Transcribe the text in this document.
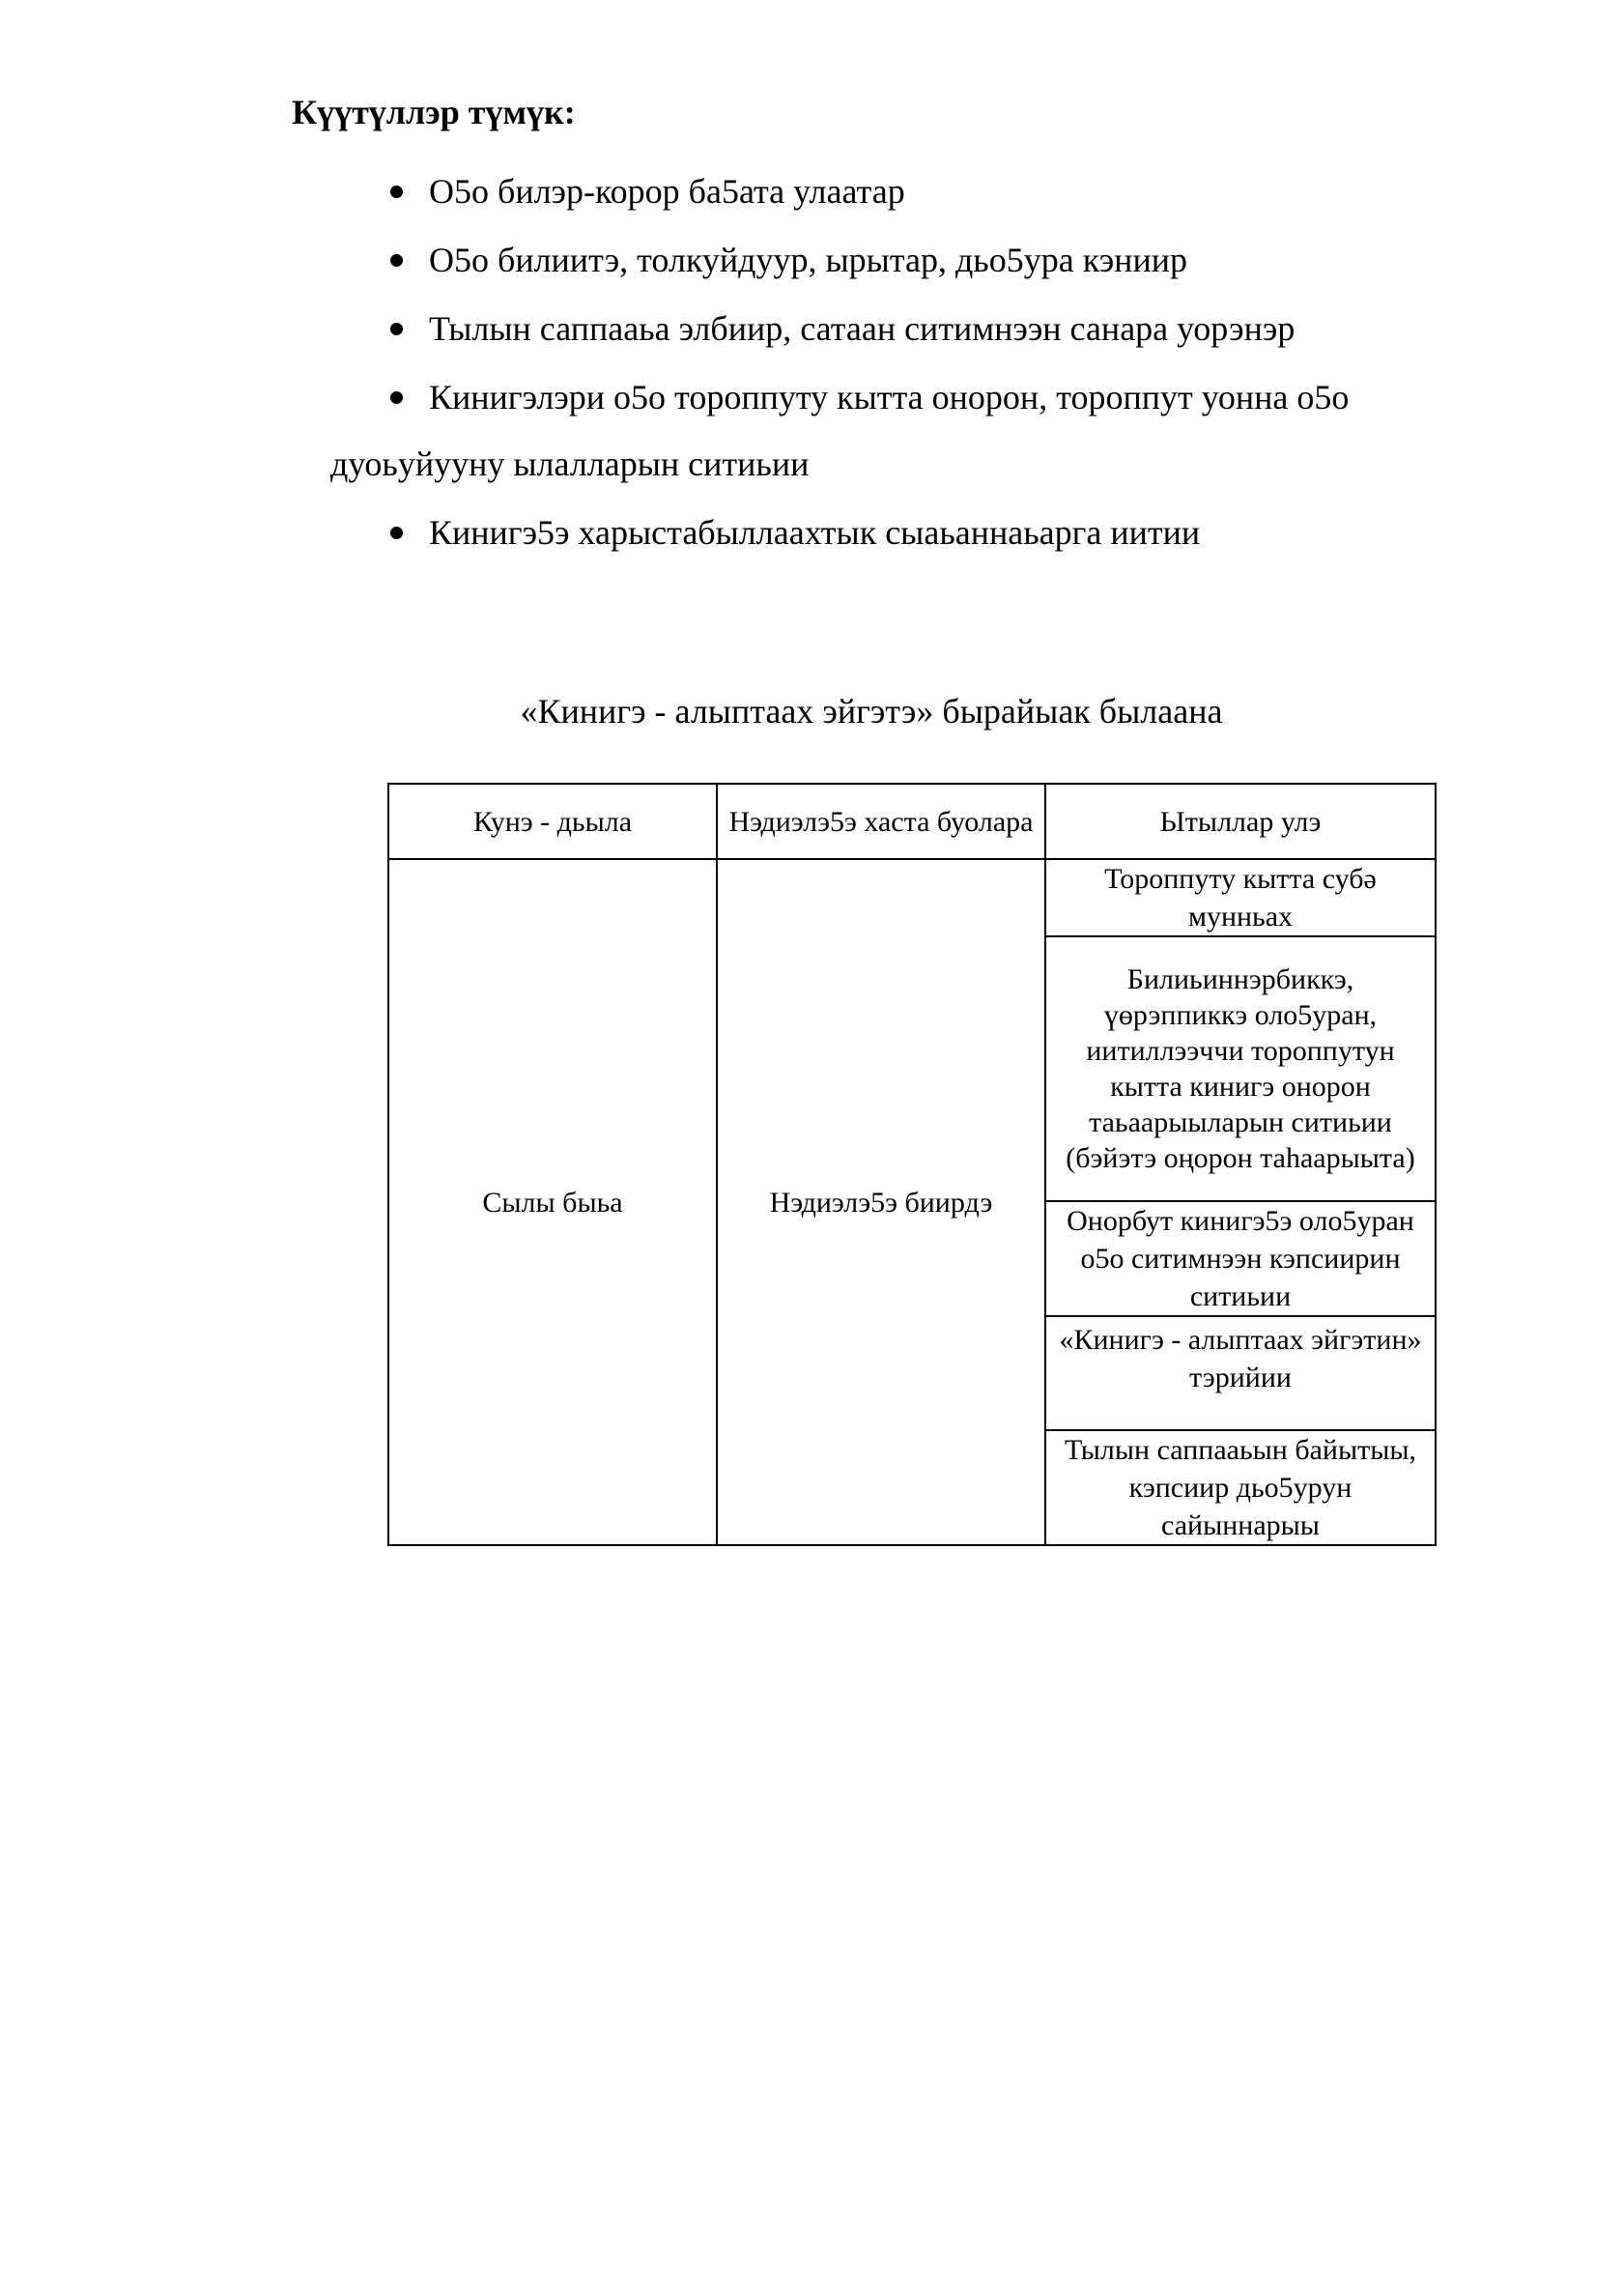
Күүтүллэр түмүк:
О5о билэр-корор ба5ата улаатар
О5о билиитэ, толкуйдуур, ырытар, дьо5ура кэниир
Тылын саппааьа элбиир, сатаан ситимнээн санара уорэнэр
Кинигэлэри о5о тороппуту кытта онорон, тороппут уонна о5о
дуоьуйууну ылалларын ситиьии
Кинигэ5э харыстабыллаахтык сыаьаннаьарга иитии
«Кинигэ - алыптаах эйгэтэ» бырайыак былаана
Кунэ - дьыла	Нэдиэлэ5э хаста буолара	Ытыллар улэ
Сылы быьа	Нэдиэлэ5э биирдэ	Тороппуту кытта субə мунньах
		Билиьиннэрбиккэ, үөрэппиккэ оло5уран, иитиллээччи тороппутун кытта кинигэ онорон таьаарыыларын ситиьии (бэйэтэ оңорон таһаарыыта)
		Онорбут кинигэ5э оло5уран о5о ситимнээн кэпсиирин ситиьии
		«Кинигэ - алыптаах эйгэтин» тэрийии
		Тылын саппааьын байытыы, кэпсиир дьо5урун сайыннарыы
